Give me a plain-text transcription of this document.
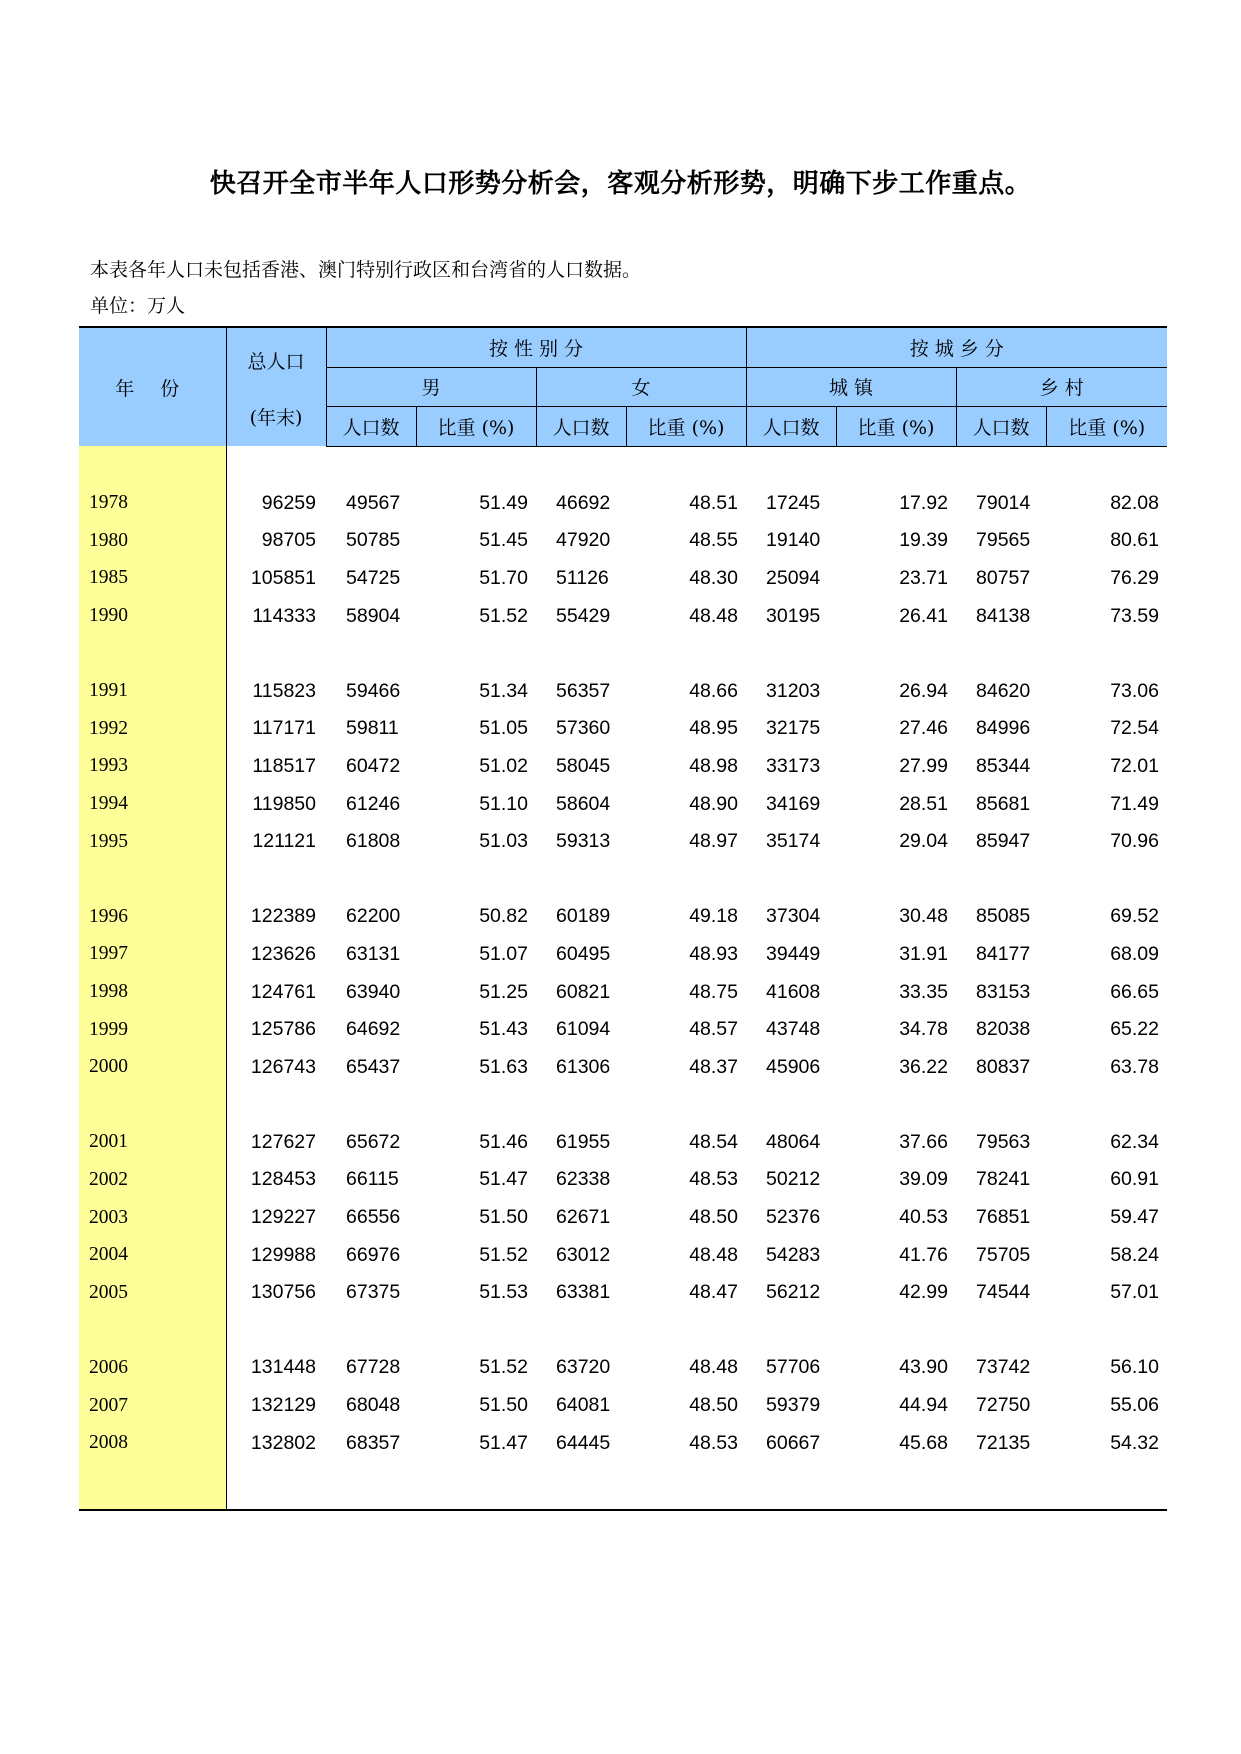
快召开全市半年人口形势分析会，客观分析形势，明确下步工作重点。
本表各年人口未包括香港、澳门特别行政区和台湾省的人口数据。
单位：万人
年 份	总人口
(年末)	按 性 别 分				按 城 乡 分			
		男		女		城 镇		乡 村	
		人口数	比重 (%)	人口数	比重 (%)	人口数	比重 (%)	人口数	比重 (%)

1978	96259	49567	51.49	46692	48.51	17245	17.92	79014	82.08
1980	98705	50785	51.45	47920	48.55	19140	19.39	79565	80.61
1985	105851	54725	51.70	51126	48.30	25094	23.71	80757	76.29
1990	114333	58904	51.52	55429	48.48	30195	26.41	84138	73.59

1991	115823	59466	51.34	56357	48.66	31203	26.94	84620	73.06
1992	117171	59811	51.05	57360	48.95	32175	27.46	84996	72.54
1993	118517	60472	51.02	58045	48.98	33173	27.99	85344	72.01
1994	119850	61246	51.10	58604	48.90	34169	28.51	85681	71.49
1995	121121	61808	51.03	59313	48.97	35174	29.04	85947	70.96

1996	122389	62200	50.82	60189	49.18	37304	30.48	85085	69.52
1997	123626	63131	51.07	60495	48.93	39449	31.91	84177	68.09
1998	124761	63940	51.25	60821	48.75	41608	33.35	83153	66.65
1999	125786	64692	51.43	61094	48.57	43748	34.78	82038	65.22
2000	126743	65437	51.63	61306	48.37	45906	36.22	80837	63.78

2001	127627	65672	51.46	61955	48.54	48064	37.66	79563	62.34
2002	128453	66115	51.47	62338	48.53	50212	39.09	78241	60.91
2003	129227	66556	51.50	62671	48.50	52376	40.53	76851	59.47
2004	129988	66976	51.52	63012	48.48	54283	41.76	75705	58.24
2005	130756	67375	51.53	63381	48.47	56212	42.99	74544	57.01

2006	131448	67728	51.52	63720	48.48	57706	43.90	73742	56.10
2007	132129	68048	51.50	64081	48.50	59379	44.94	72750	55.06
2008	132802	68357	51.47	64445	48.53	60667	45.68	72135	54.32
